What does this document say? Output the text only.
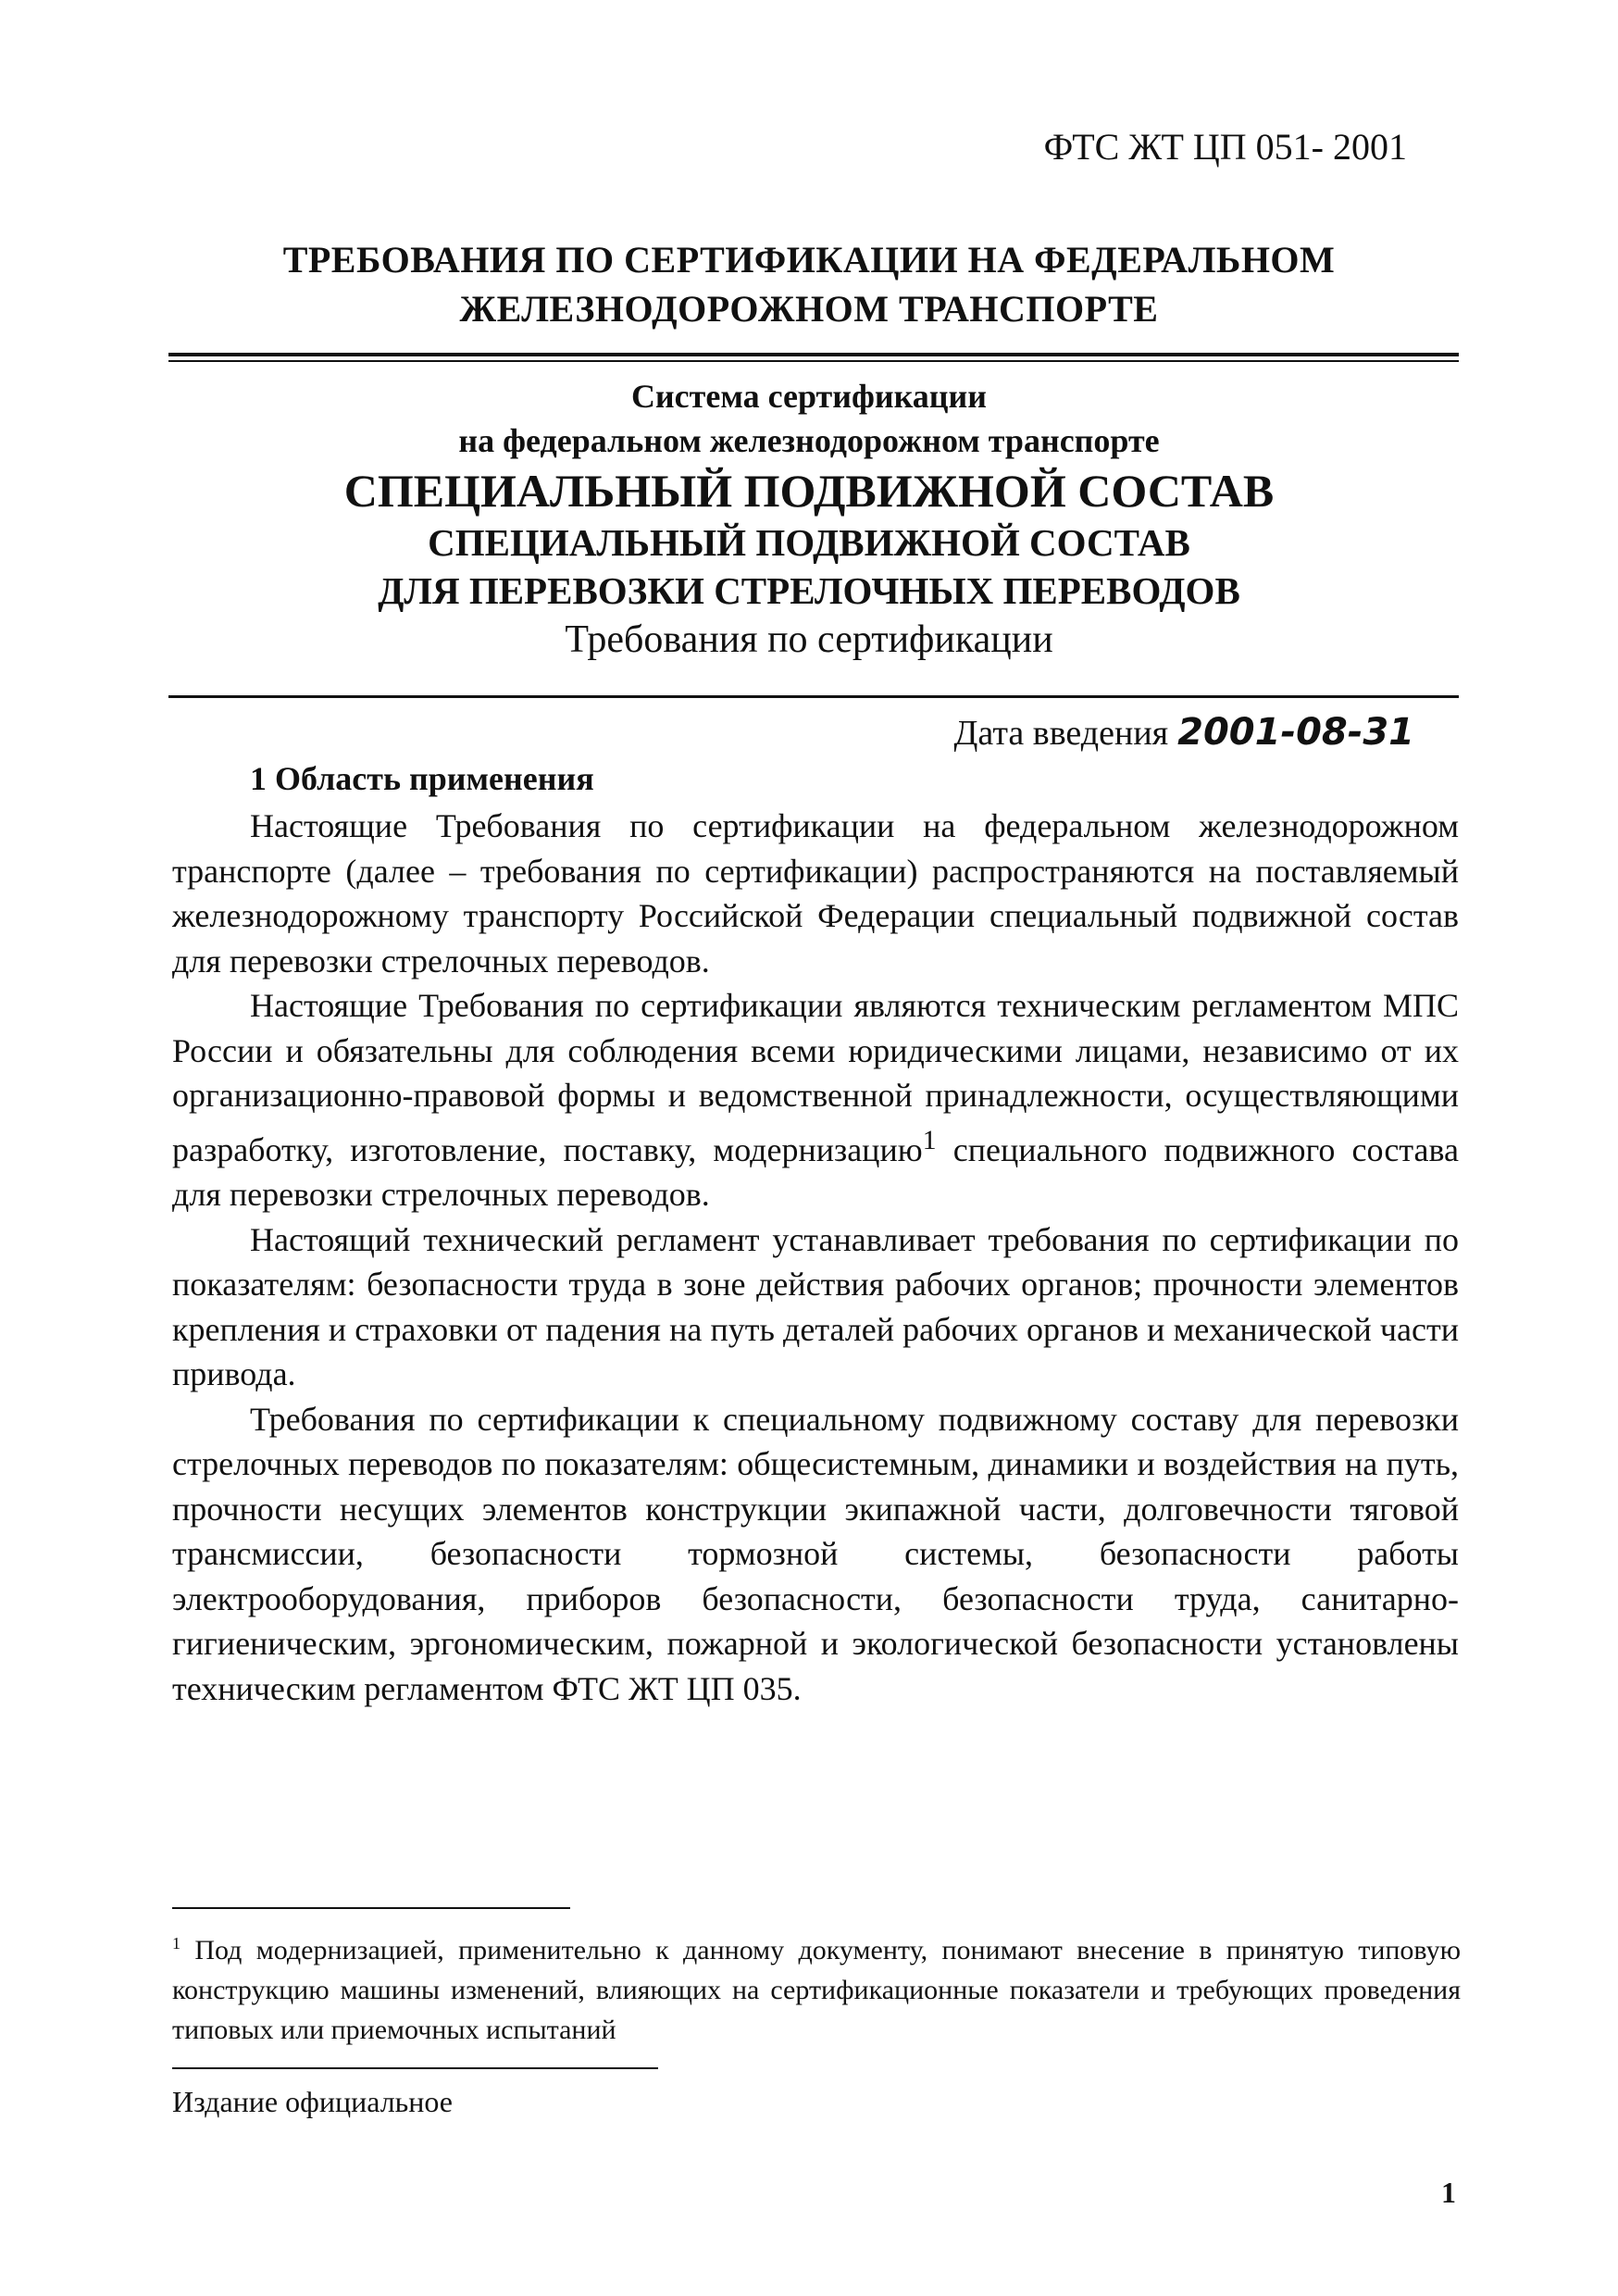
ФТС ЖТ ЦП 051- 2001
ТРЕБОВАНИЯ ПО СЕРТИФИКАЦИИ НА ФЕДЕРАЛЬНОМ
ЖЕЛЕЗНОДОРОЖНОМ ТРАНСПОРТЕ
Система сертификации
на федеральном железнодорожном транспорте
СПЕЦИАЛЬНЫЙ ПОДВИЖНОЙ СОСТАВ
СПЕЦИАЛЬНЫЙ ПОДВИЖНОЙ СОСТАВ
ДЛЯ ПЕРЕВОЗКИ СТРЕЛОЧНЫХ ПЕРЕВОДОВ
Требования по сертификации
Дата введения 2001-08-31
1 Область применения

Настоящие Требования по сертификации на федеральном железнодорожном транспорте (далее – требования по сертификации) распространяются на поставляемый железнодорожному транспорту Российской Федерации специальный подвижной состав для перевозки стрелочных переводов.

Настоящие Требования по сертификации являются техническим регламентом МПС России и обязательны для соблюдения всеми юридическими лицами, независимо от их организационно-правовой формы и ведомственной принадлежности, осуществляющими разработку, изготовление, поставку, модернизацию$^1$ специального подвижного состава для перевозки стрелочных переводов.

Настоящий технический регламент устанавливает требования по сертификации по показателям: безопасности труда в зоне действия рабочих органов; прочности элементов крепления и страховки от падения на путь деталей рабочих органов и механической части привода.

Требования по сертификации к специальному подвижному составу для перевозки стрелочных переводов по показателям: общесистемным, динамики и воздействия на путь, прочности несущих элементов конструкции экипажной части, долговечности тяговой трансмиссии, безопасности тормозной системы, безопасности работы электрооборудования, приборов безопасности, безопасности труда, санитарно-гигиеническим, эргономическим, пожарной и экологической безопасности установлены техническим регламентом ФТС ЖТ ЦП 035.

$^1$ Под модернизацией, применительно к данному документу, понимают внесение в принятую типовую конструкцию машины изменений, влияющих на сертификационные показатели и требующих проведения типовых или приемочных испытаний
Издание официальное
1
